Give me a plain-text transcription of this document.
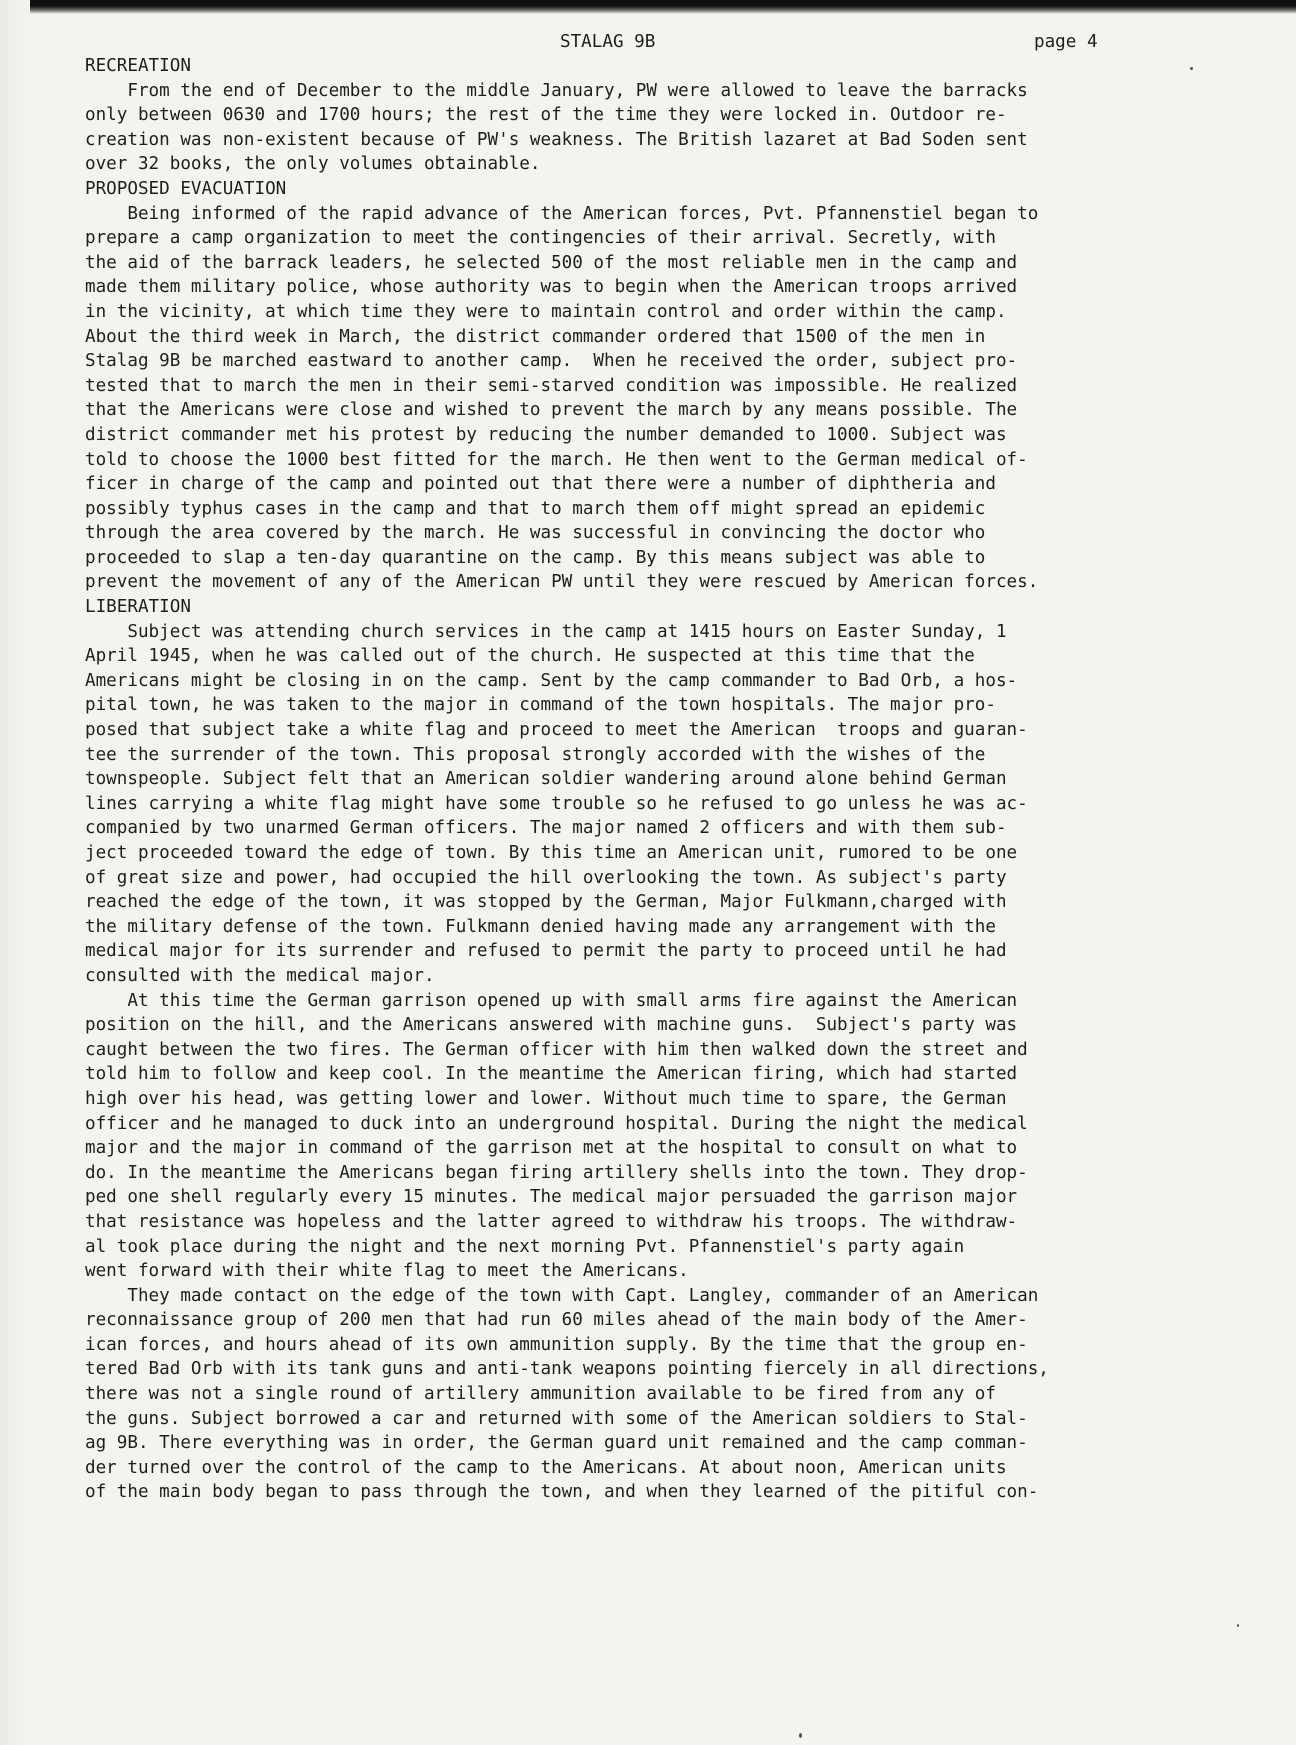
STALAG 9B	page 4
RECREATION
From the end of December to the middle January, PW were allowed to leave the barracks
only between 0630 and 1700 hours; the rest of the time they were locked in. Outdoor re-
creation was non-existent because of PW's weakness. The British lazaret at Bad Soden sent
over 32 books, the only volumes obtainable.
PROPOSED EVACUATION
Being informed of the rapid advance of the American forces, Pvt. Pfannenstiel began to
prepare a camp organization to meet the contingencies of their arrival. Secretly, with
the aid of the barrack leaders, he selected 500 of the most reliable men in the camp and
made them military police, whose authority was to begin when the American troops arrived
in the vicinity, at which time they were to maintain control and order within the camp.
About the third week in March, the district commander ordered that 1500 of the men in
Stalag 9B be marched eastward to another camp.  When he received the order, subject pro-
tested that to march the men in their semi-starved condition was impossible. He realized
that the Americans were close and wished to prevent the march by any means possible. The
district commander met his protest by reducing the number demanded to 1000. Subject was
told to choose the 1000 best fitted for the march. He then went to the German medical of-
ficer in charge of the camp and pointed out that there were a number of diphtheria and
possibly typhus cases in the camp and that to march them off might spread an epidemic
through the area covered by the march. He was successful in convincing the doctor who
proceeded to slap a ten-day quarantine on the camp. By this means subject was able to
prevent the movement of any of the American PW until they were rescued by American forces.
LIBERATION
Subject was attending church services in the camp at 1415 hours on Easter Sunday, 1
April 1945, when he was called out of the church. He suspected at this time that the
Americans might be closing in on the camp. Sent by the camp commander to Bad Orb, a hos-
pital town, he was taken to the major in command of the town hospitals. The major pro-
posed that subject take a white flag and proceed to meet the American  troops and guaran-
tee the surrender of the town. This proposal strongly accorded with the wishes of the
townspeople. Subject felt that an American soldier wandering around alone behind German
lines carrying a white flag might have some trouble so he refused to go unless he was ac-
companied by two unarmed German officers. The major named 2 officers and with them sub-
ject proceeded toward the edge of town. By this time an American unit, rumored to be one
of great size and power, had occupied the hill overlooking the town. As subject's party
reached the edge of the town, it was stopped by the German, Major Fulkmann,charged with
the military defense of the town. Fulkmann denied having made any arrangement with the
medical major for its surrender and refused to permit the party to proceed until he had
consulted with the medical major.
At this time the German garrison opened up with small arms fire against the American
position on the hill, and the Americans answered with machine guns.  Subject's party was
caught between the two fires. The German officer with him then walked down the street and
told him to follow and keep cool. In the meantime the American firing, which had started
high over his head, was getting lower and lower. Without much time to spare, the German
officer and he managed to duck into an underground hospital. During the night the medical
major and the major in command of the garrison met at the hospital to consult on what to
do. In the meantime the Americans began firing artillery shells into the town. They drop-
ped one shell regularly every 15 minutes. The medical major persuaded the garrison major
that resistance was hopeless and the latter agreed to withdraw his troops. The withdraw-
al took place during the night and the next morning Pvt. Pfannenstiel's party again
went forward with their white flag to meet the Americans.
They made contact on the edge of the town with Capt. Langley, commander of an American
reconnaissance group of 200 men that had run 60 miles ahead of the main body of the Amer-
ican forces, and hours ahead of its own ammunition supply. By the time that the group en-
tered Bad Orb with its tank guns and anti-tank weapons pointing fiercely in all directions,
there was not a single round of artillery ammunition available to be fired from any of
the guns. Subject borrowed a car and returned with some of the American soldiers to Stal-
ag 9B. There everything was in order, the German guard unit remained and the camp comman-
der turned over the control of the camp to the Americans. At about noon, American units
of the main body began to pass through the town, and when they learned of the pitiful con-
